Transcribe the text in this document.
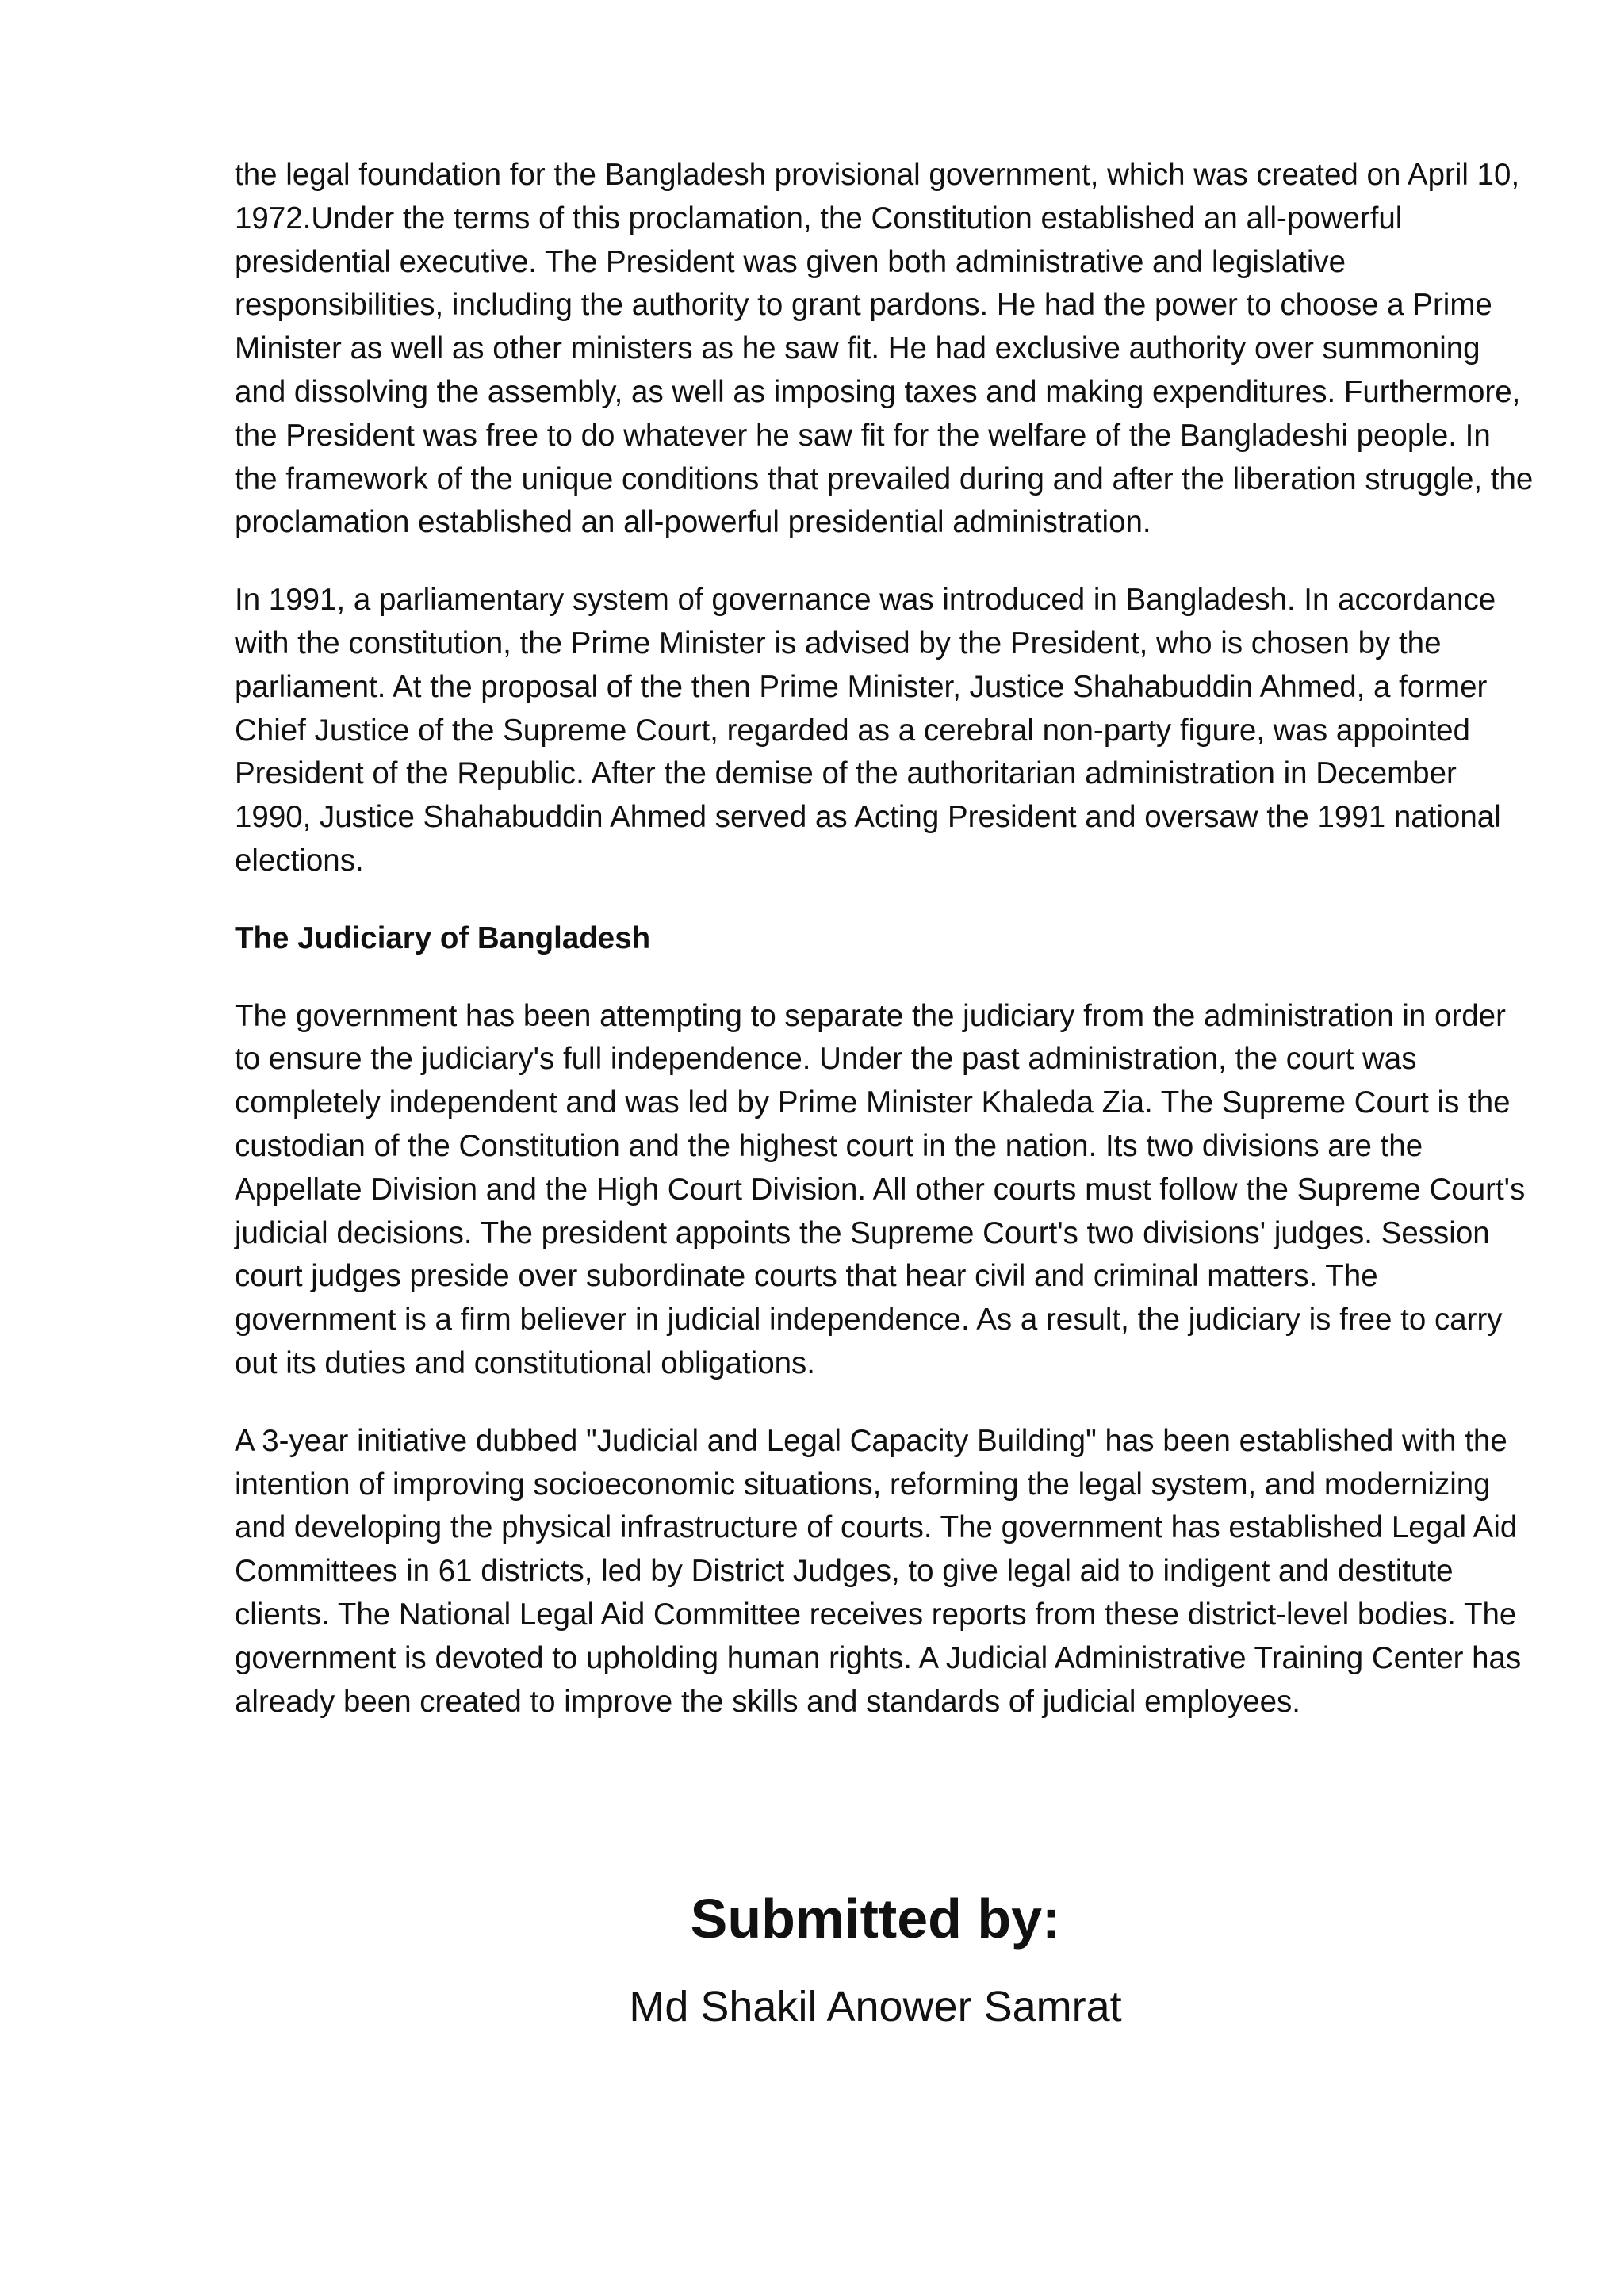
the legal foundation for the Bangladesh provisional government, which was created on April 10, 1972.Under the terms of this proclamation, the Constitution established an all-powerful presidential executive. The President was given both administrative and legislative responsibilities, including the authority to grant pardons. He had the power to choose a Prime Minister as well as other ministers as he saw fit. He had exclusive authority over summoning and dissolving the assembly, as well as imposing taxes and making expenditures. Furthermore, the President was free to do whatever he saw fit for the welfare of the Bangladeshi people. In the framework of the unique conditions that prevailed during and after the liberation struggle, the proclamation established an all-powerful presidential administration.

In 1991, a parliamentary system of governance was introduced in Bangladesh. In accordance with the constitution, the Prime Minister is advised by the President, who is chosen by the parliament. At the proposal of the then Prime Minister, Justice Shahabuddin Ahmed, a former Chief Justice of the Supreme Court, regarded as a cerebral non-party figure, was appointed President of the Republic. After the demise of the authoritarian administration in December 1990, Justice Shahabuddin Ahmed served as Acting President and oversaw the 1991 national elections.

The Judiciary of Bangladesh

The government has been attempting to separate the judiciary from the administration in order to ensure the judiciary's full independence. Under the past administration, the court was completely independent and was led by Prime Minister Khaleda Zia. The Supreme Court is the custodian of the Constitution and the highest court in the nation. Its two divisions are the Appellate Division and the High Court Division. All other courts must follow the Supreme Court's judicial decisions. The president appoints the Supreme Court's two divisions' judges. Session court judges preside over subordinate courts that hear civil and criminal matters. The government is a firm believer in judicial independence. As a result, the judiciary is free to carry out its duties and constitutional obligations.

A 3-year initiative dubbed "Judicial and Legal Capacity Building" has been established with the intention of improving socioeconomic situations, reforming the legal system, and modernizing and developing the physical infrastructure of courts. The government has established Legal Aid Committees in 61 districts, led by District Judges, to give legal aid to indigent and destitute clients. The National Legal Aid Committee receives reports from these district-level bodies. The government is devoted to upholding human rights. A Judicial Administrative Training Center has already been created to improve the skills and standards of judicial employees.

Submitted by:

Md Shakil Anower Samrat
